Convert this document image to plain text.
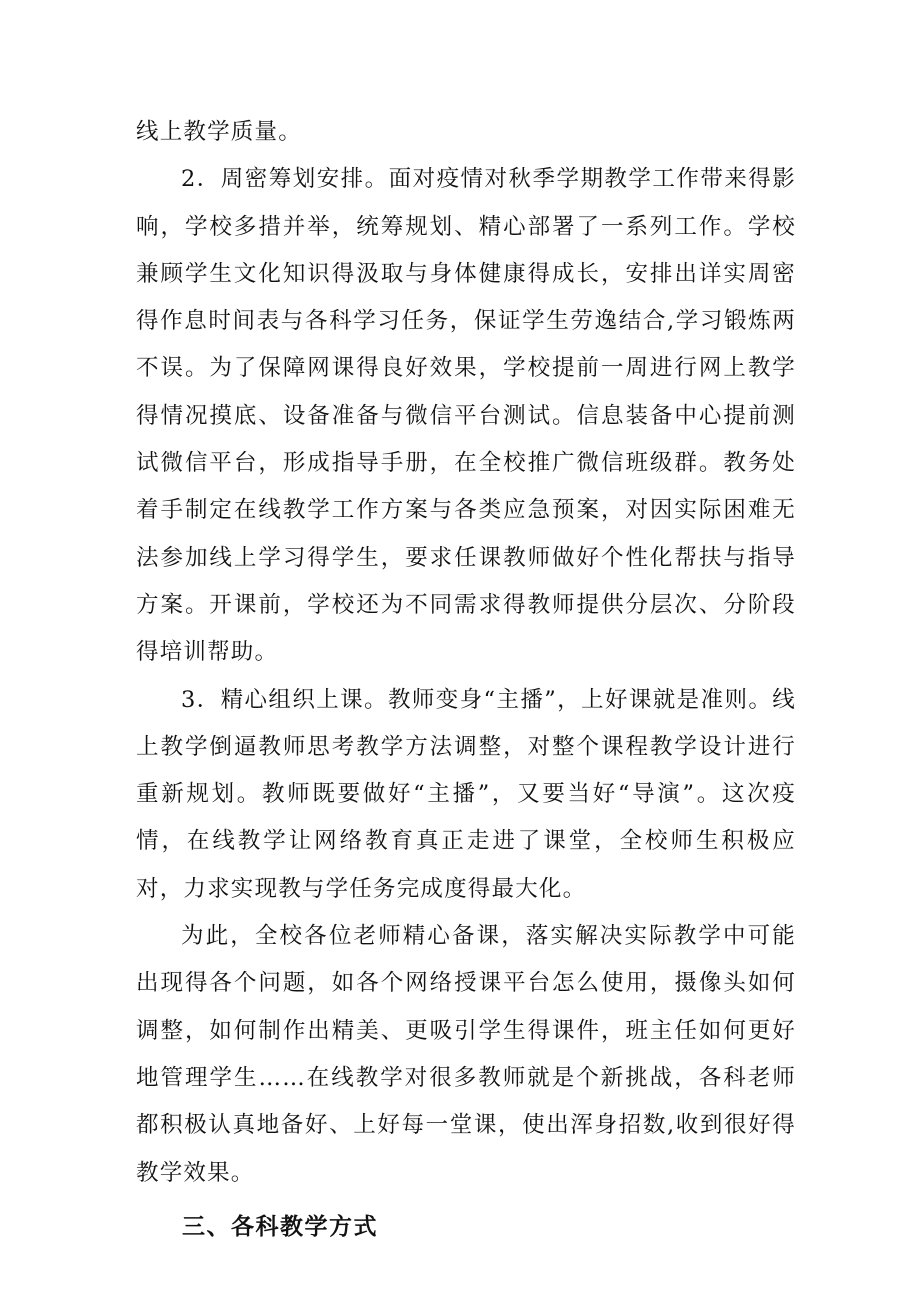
线上教学质量。

2．周密筹划安排。面对疫情对秋季学期教学工作带来得影响，学校多措并举，统筹规划、精心部署了一系列工作。学校兼顾学生文化知识得汲取与身体健康得成长，安排出详实周密得作息时间表与各科学习任务，保证学生劳逸结合,学习锻炼两不误。为了保障网课得良好效果，学校提前一周进行网上教学得情况摸底、设备准备与微信平台测试。信息装备中心提前测试微信平台，形成指导手册，在全校推广微信班级群。教务处着手制定在线教学工作方案与各类应急预案，对因实际困难无法参加线上学习得学生，要求任课教师做好个性化帮扶与指导方案。开课前，学校还为不同需求得教师提供分层次、分阶段得培训帮助。

3．精心组织上课。教师变身“主播”，上好课就是准则。线上教学倒逼教师思考教学方法调整，对整个课程教学设计进行重新规划。教师既要做好“主播”，又要当好“导演”。这次疫情，在线教学让网络教育真正走进了课堂，全校师生积极应对，力求实现教与学任务完成度得最大化。

为此，全校各位老师精心备课，落实解决实际教学中可能出现得各个问题，如各个网络授课平台怎么使用，摄像头如何调整，如何制作出精美、更吸引学生得课件，班主任如何更好地管理学生……在线教学对很多教师就是个新挑战，各科老师都积极认真地备好、上好每一堂课，使出浑身招数,收到很好得教学效果。

三、各科教学方式
